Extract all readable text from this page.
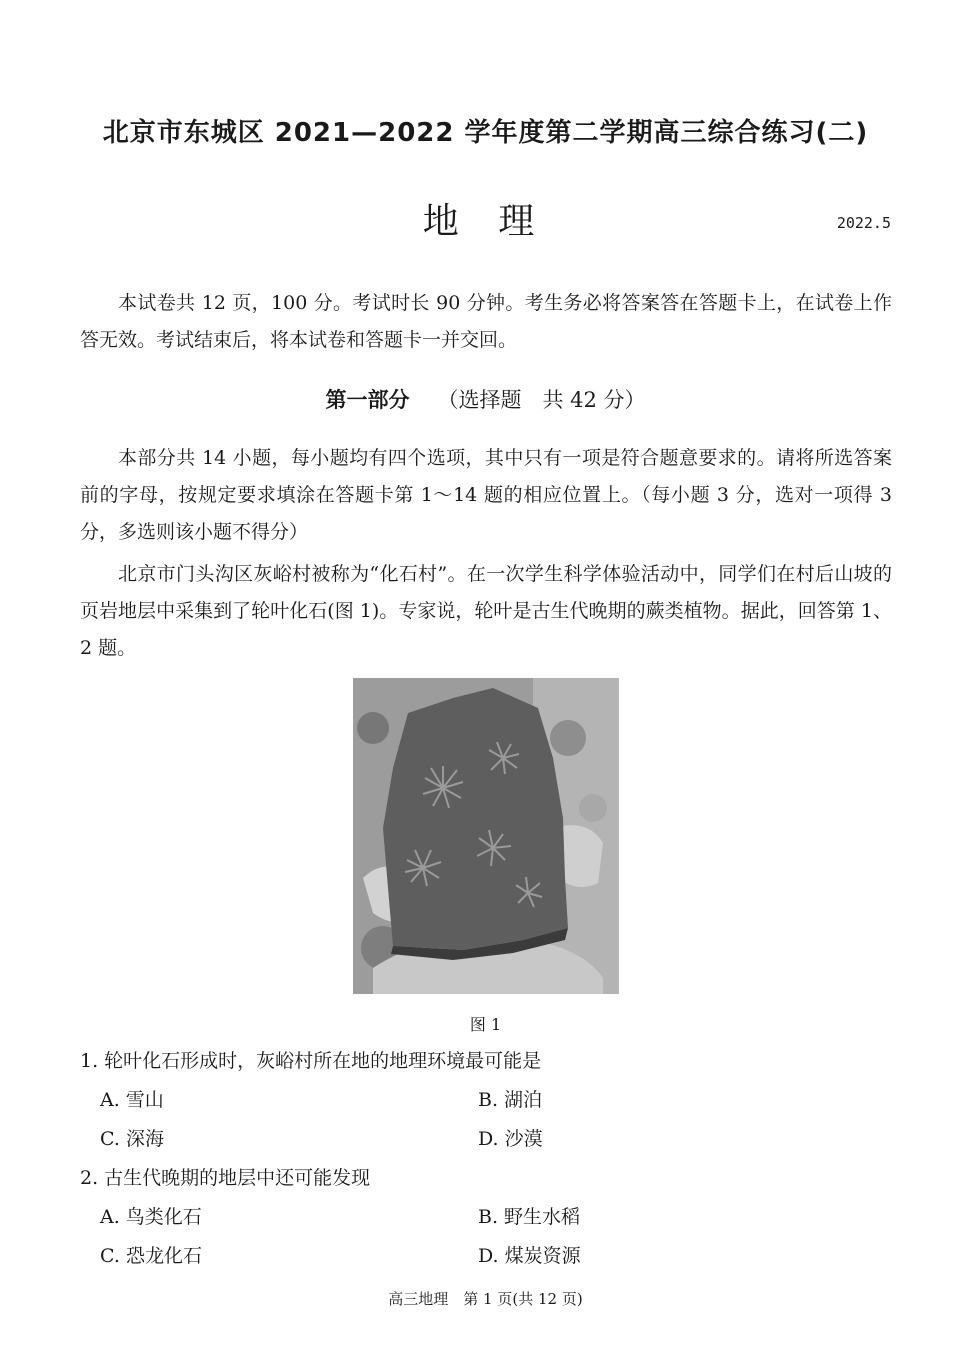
北京市东城区 2021—2022 学年度第二学期高三综合练习(二)
地 理	2022.5

本试卷共 12 页，100 分。考试时长 90 分钟。考生务必将答案答在答题卡上，在试卷上作答无效。考试结束后，将本试卷和答题卡一并交回。

第一部分 （选择题　共 42 分）

本部分共 14 小题，每小题均有四个选项，其中只有一项是符合题意要求的。请将所选答案前的字母，按规定要求填涂在答题卡第 1～14 题的相应位置上。（每小题 3 分，选对一项得 3 分，多选则该小题不得分）

北京市门头沟区灰峪村被称为“化石村”。在一次学生科学体验活动中，同学们在村后山坡的页岩地层中采集到了轮叶化石(图 1)。专家说，轮叶是古生代晚期的蕨类植物。据此，回答第 1、2 题。

图 1
1. 轮叶化石形成时，灰峪村所在地的地理环境最可能是
A. 雪山	B. 湖泊
C. 深海	D. 沙漠
2. 古生代晚期的地层中还可能发现
A. 鸟类化石	B. 野生水稻
C. 恐龙化石	D. 煤炭资源
高三地理　第 1 页(共 12 页)
